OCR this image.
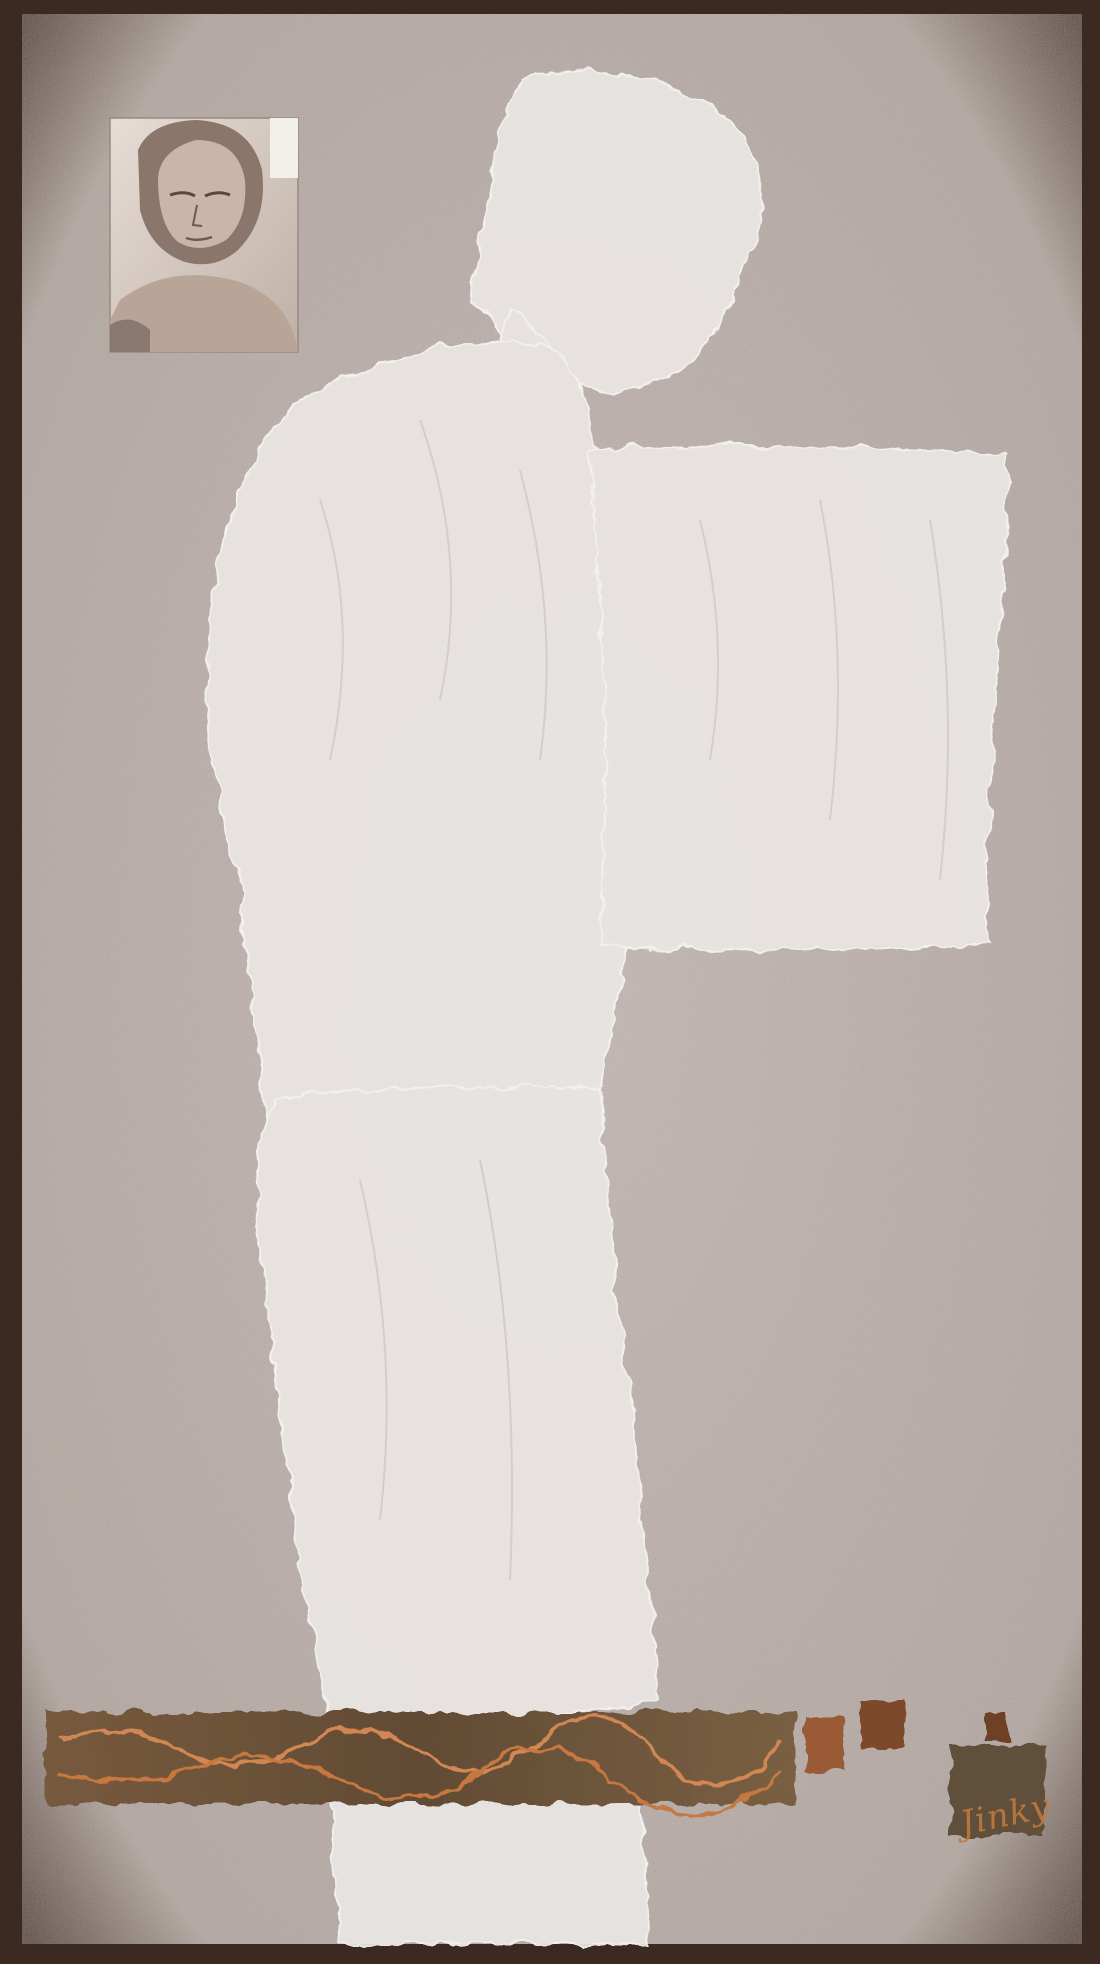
Jinky
